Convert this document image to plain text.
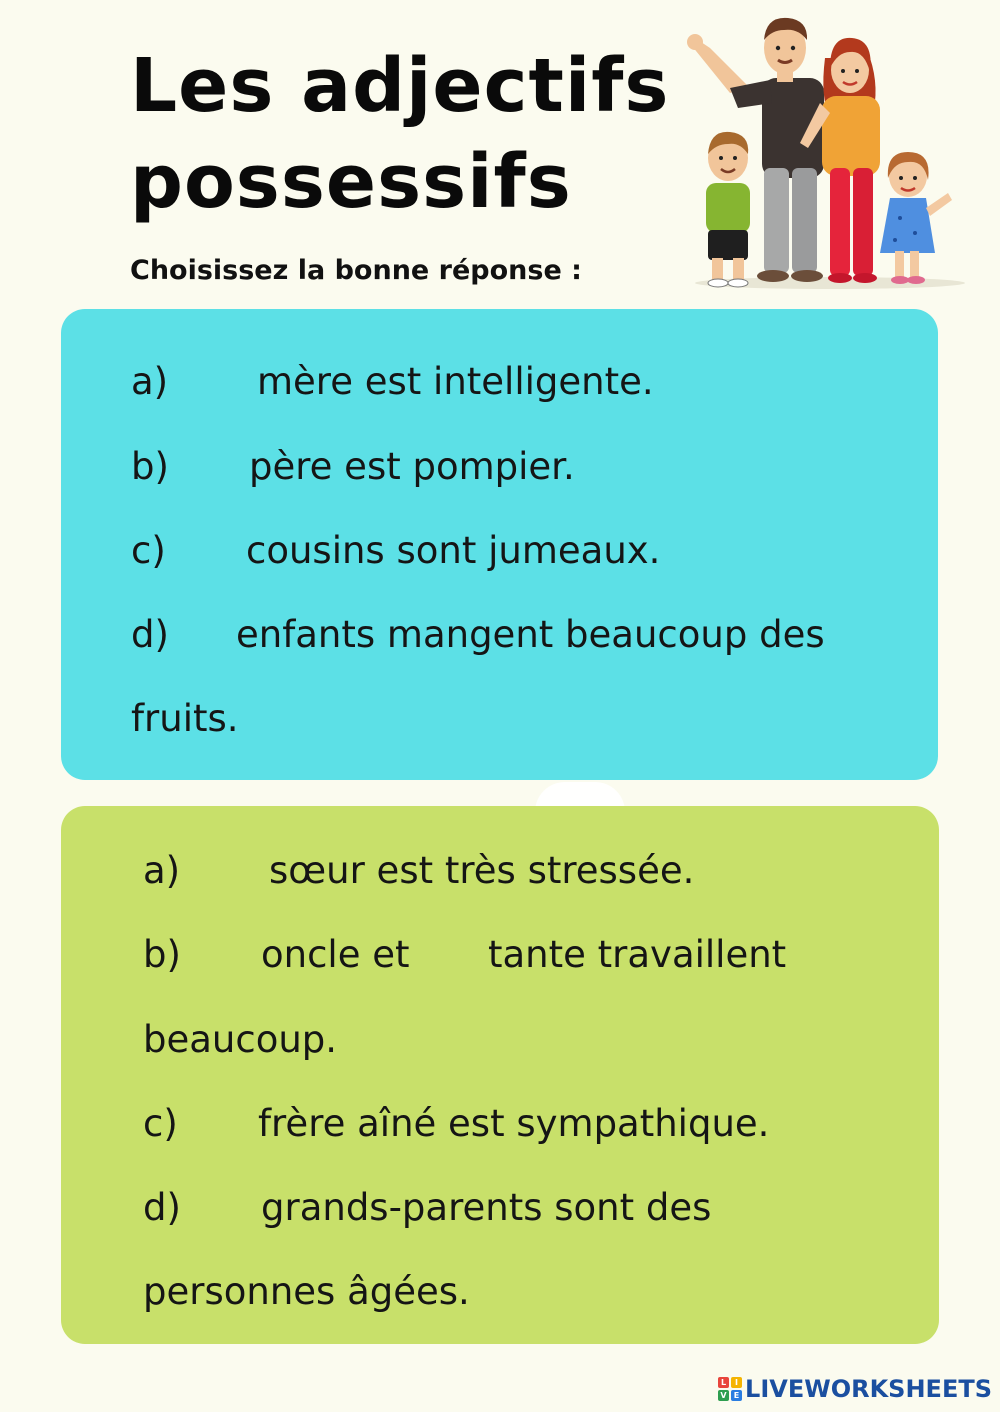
Les adjectifs
possessifs
Choisissez la bonne réponse :
a) mère est intelligente.
b) père est pompier.
c) cousins sont jumeaux.
d) enfants mangent beaucoup des
fruits.
a) sœur est très stressée.
b) oncle et tante travaillent
beaucoup.
c) frère aîné est sympathique.
d) grands-parents sont des
personnes âgées.
L	I
V E LIVEWORKSHEETS
